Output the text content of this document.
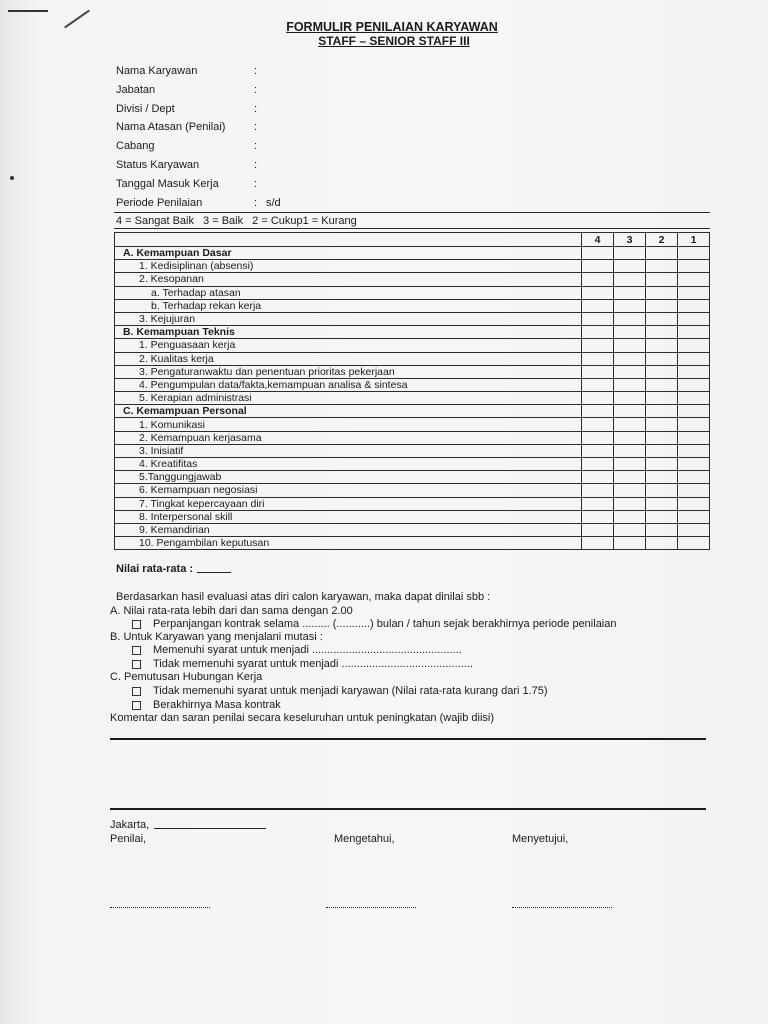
FORMULIR PENILAIAN KARYAWAN
STAFF – SENIOR STAFF III
Nama Karyawan	:
Jabatan	:
Divisi / Dept	:
Nama Atasan (Penilai)	:
Cabang	:
Status Karyawan	:
Tanggal Masuk Kerja	:
Periode Penilaian	: s/d
4 = Sangat Baik 3 = Baik 2 = Cukup1 = Kurang
	4	3	2	1
A. Kemampuan Dasar				
1. Kedisiplinan (absensi)				
2. Kesopanan				
a. Terhadap atasan				
b. Terhadap rekan kerja				
3. Kejujuran				
B. Kemampuan Teknis				
1. Penguasaan kerja				
2. Kualitas kerja				
3. Pengaturanwaktu dan penentuan prioritas pekerjaan				
4. Pengumpulan data/fakta,kemampuan analisa & sintesa				
5. Kerapian administrasi				
C. Kemampuan Personal				
1. Komunikasi				
2. Kemampuan kerjasama				
3. Inisiatif				
4. Kreatifitas				
5.Tanggungjawab				
6. Kemampuan negosiasi				
7. Tingkat kepercayaan diri				
8. Interpersonal skill				
9. Kemandirian				
10. Pengambilan keputusan				
Nilai rata-rata :
Berdasarkan hasil evaluasi atas diri calon karyawan, maka dapat dinilai sbb :
A. Nilai rata-rata lebih dari dan sama dengan 2.00
Perpanjangan kontrak selama ......... (...........) bulan / tahun sejak berakhirnya periode penilaian
B. Untuk Karyawan yang menjalani mutasi :
Memenuhi syarat untuk menjadi .................................................
Tidak memenuhi syarat untuk menjadi ...........................................
C. Pemutusan Hubungan Kerja
Tidak memenuhi syarat untuk menjadi karyawan (Nilai rata-rata kurang dari 1.75)
Berakhirnya Masa kontrak
Komentar dan saran penilai secara keseluruhan untuk peningkatan (wajib diisi)
Jakarta,
Penilai,	Mengetahui,	Menyetujui,
